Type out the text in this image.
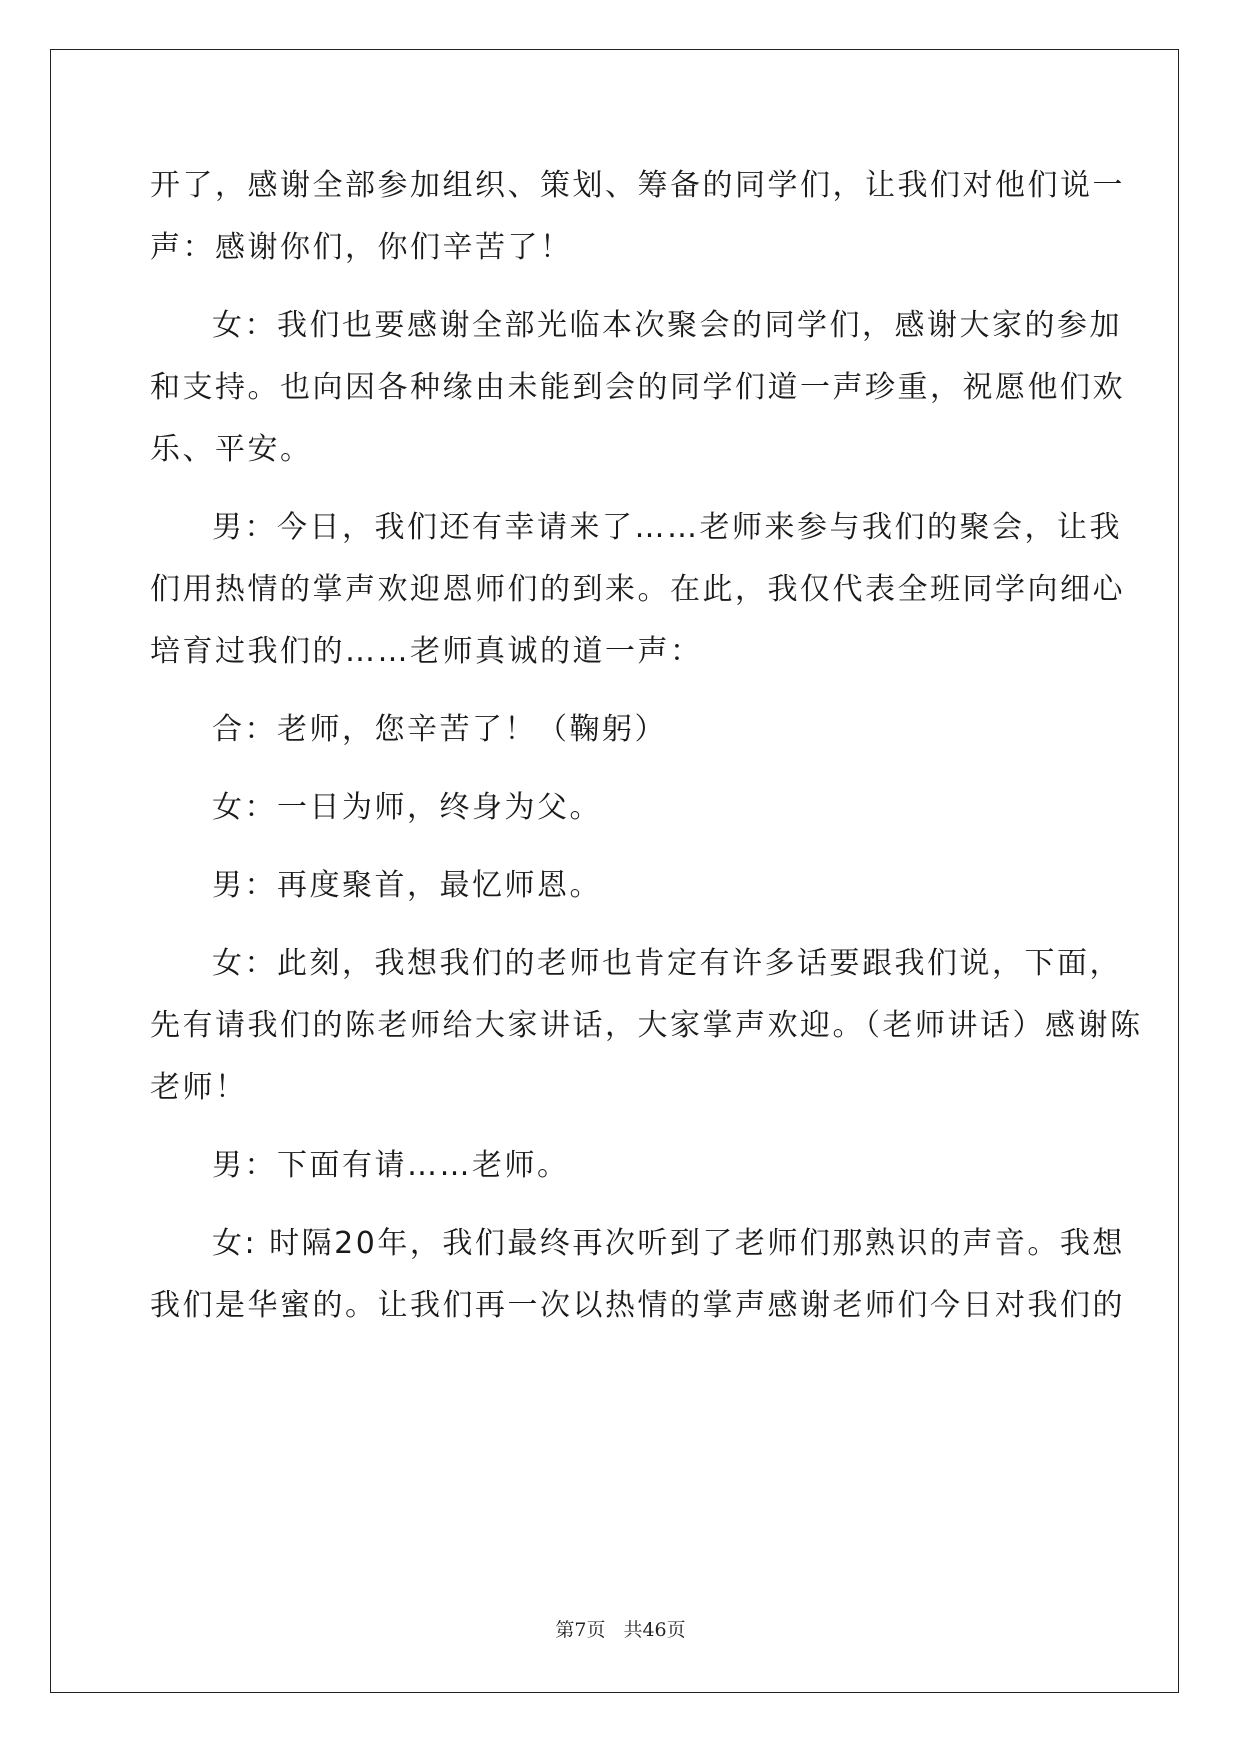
开了，感谢全部参加组织、策划、筹备的同学们，让我们对他们说一
声：感谢你们，你们辛苦了！
女：我们也要感谢全部光临本次聚会的同学们，感谢大家的参加
和支持。也向因各种缘由未能到会的同学们道一声珍重，祝愿他们欢
乐、平安。
男：今日，我们还有幸请来了……老师来参与我们的聚会，让我
们用热情的掌声欢迎恩师们的到来。在此，我仅代表全班同学向细心
培育过我们的……老师真诚的道一声：
合：老师，您辛苦了！（鞠躬）
女：一日为师，终身为父。
男：再度聚首，最忆师恩。
女：此刻，我想我们的老师也肯定有许多话要跟我们说，下面，
先有请我们的陈老师给大家讲话，大家掌声欢迎。（老师讲话）感谢陈
老师！
男：下面有请……老师。
女: 时隔20年，我们最终再次听到了老师们那熟识的声音。我想
我们是华蜜的。让我们再一次以热情的掌声感谢老师们今日对我们的
第7页 共46页
